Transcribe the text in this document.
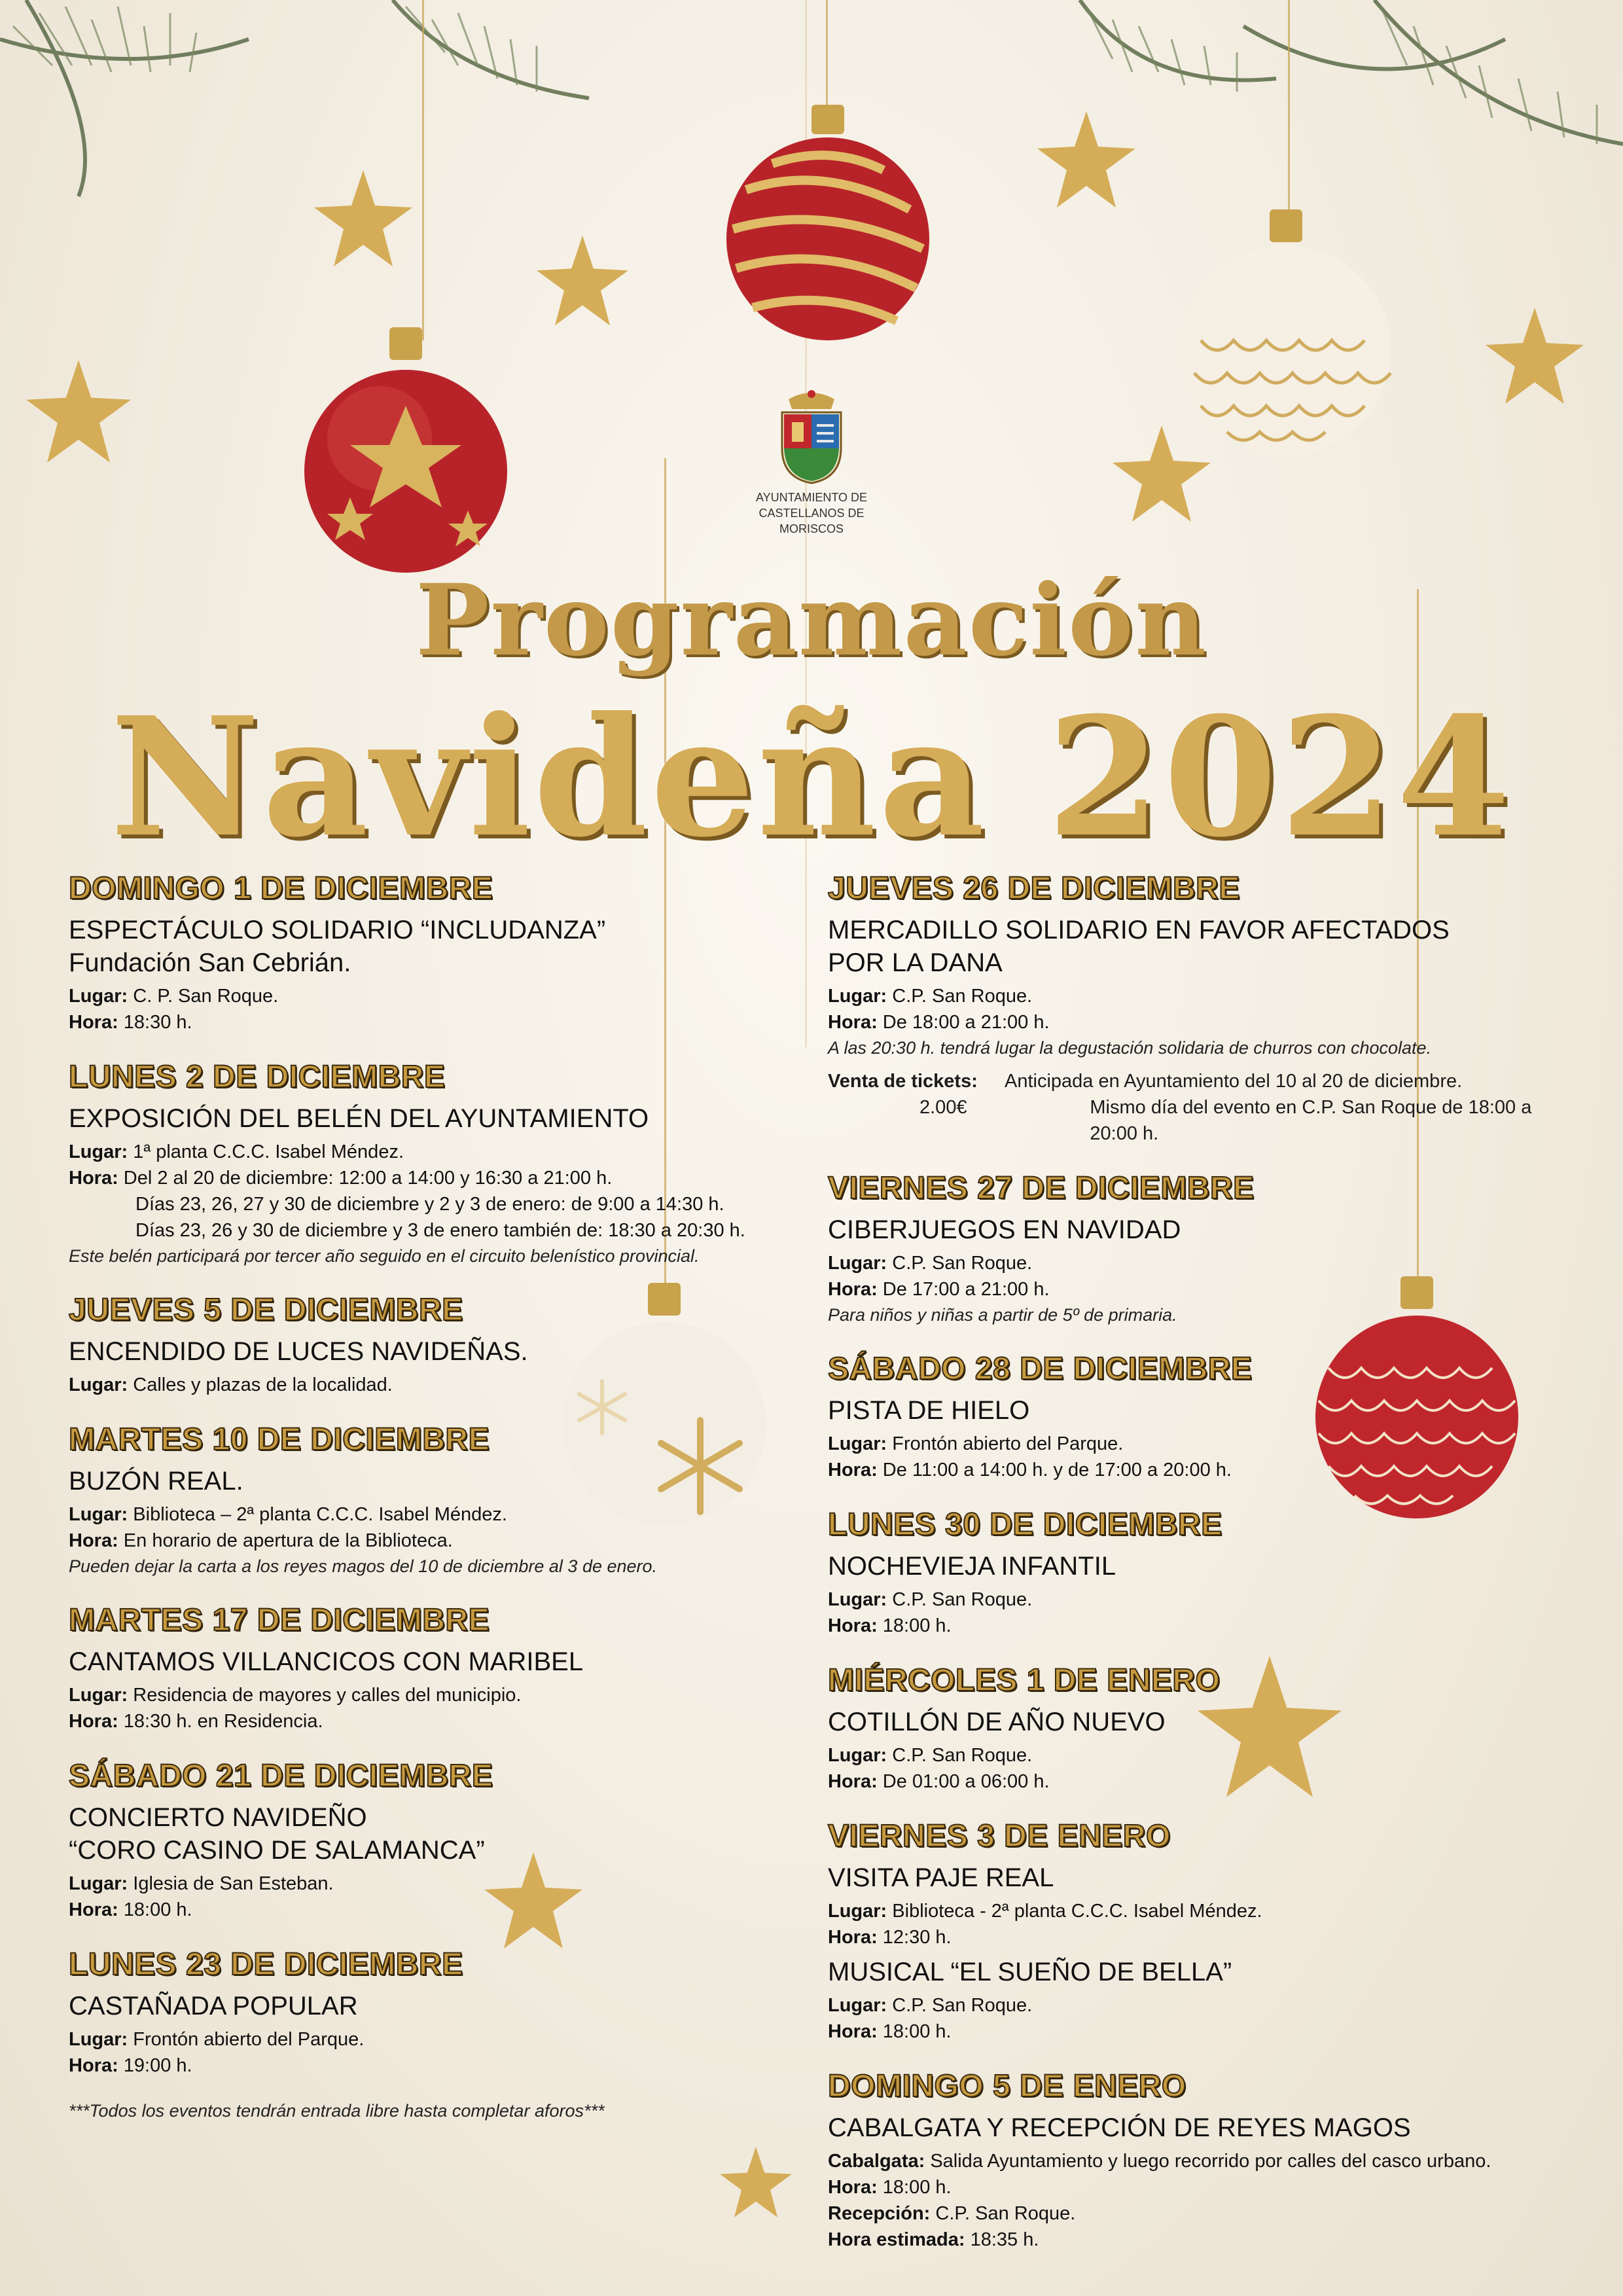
AYUNTAMIENTO DE
CASTELLANOS DE MORISCOS
Programación
Navideña 2024
DOMINGO 1 DE DICIEMBRE
ESPECTÁCULO SOLIDARIO “INCLUDANZA”
Fundación San Cebrián.
Lugar: C. P. San Roque.
Hora: 18:30 h.
LUNES 2 DE DICIEMBRE
EXPOSICIÓN DEL BELÉN DEL AYUNTAMIENTO
Lugar: 1ª planta C.C.C. Isabel Méndez.
Hora: Del 2 al 20 de diciembre: 12:00 a 14:00 y 16:30 a 21:00 h.
Días 23, 26, 27 y 30 de diciembre y 2 y 3 de enero: de 9:00 a 14:30 h.
Días 23, 26 y 30 de diciembre y 3 de enero también de: 18:30 a 20:30 h.
Este belén participará por tercer año seguido en el circuito belenístico provincial.
JUEVES 5 DE DICIEMBRE
ENCENDIDO DE LUCES NAVIDEÑAS.
Lugar: Calles y plazas de la localidad.
MARTES 10 DE DICIEMBRE
BUZÓN REAL.
Lugar: Biblioteca – 2ª planta C.C.C. Isabel Méndez.
Hora: En horario de apertura de la Biblioteca.
Pueden dejar la carta a los reyes magos del 10 de diciembre al 3 de enero.
MARTES 17 DE DICIEMBRE
CANTAMOS VILLANCICOS CON MARIBEL
Lugar: Residencia de mayores y calles del municipio.
Hora: 18:30 h. en Residencia.
SÁBADO 21 DE DICIEMBRE
CONCIERTO NAVIDEÑO
“CORO CASINO DE SALAMANCA”
Lugar: Iglesia de San Esteban.
Hora: 18:00 h.
LUNES 23 DE DICIEMBRE
CASTAÑADA POPULAR
Lugar: Frontón abierto del Parque.
Hora: 19:00 h.
***Todos los eventos tendrán entrada libre hasta completar aforos***
JUEVES 26 DE DICIEMBRE
MERCADILLO SOLIDARIO EN FAVOR AFECTADOS
POR LA DANA
Lugar: C.P. San Roque.
Hora: De 18:00 a 21:00 h.
A las 20:30 h. tendrá lugar la degustación solidaria de churros con chocolate.
Venta de tickets:	Anticipada en Ayuntamiento del 10 al 20 de diciembre.
2.00€	Mismo día del evento en C.P. San Roque de 18:00 a 20:00 h.
VIERNES 27 DE DICIEMBRE
CIBERJUEGOS EN NAVIDAD
Lugar: C.P. San Roque.
Hora: De 17:00 a 21:00 h.
Para niños y niñas a partir de 5º de primaria.
SÁBADO 28 DE DICIEMBRE
PISTA DE HIELO
Lugar: Frontón abierto del Parque.
Hora: De 11:00 a 14:00 h. y de 17:00 a 20:00 h.
LUNES 30 DE DICIEMBRE
NOCHEVIEJA INFANTIL
Lugar: C.P. San Roque.
Hora: 18:00 h.
MIÉRCOLES 1 DE ENERO
COTILLÓN DE AÑO NUEVO
Lugar: C.P. San Roque.
Hora: De 01:00 a 06:00 h.
VIERNES 3 DE ENERO
VISITA PAJE REAL
Lugar: Biblioteca - 2ª planta C.C.C. Isabel Méndez.
Hora: 12:30 h.
MUSICAL “EL SUEÑO DE BELLA”
Lugar: C.P. San Roque.
Hora: 18:00 h.
DOMINGO 5 DE ENERO
CABALGATA Y RECEPCIÓN DE REYES MAGOS
Cabalgata: Salida Ayuntamiento y luego recorrido por calles del casco urbano.
Hora: 18:00 h.
Recepción: C.P. San Roque.
Hora estimada: 18:35 h.
